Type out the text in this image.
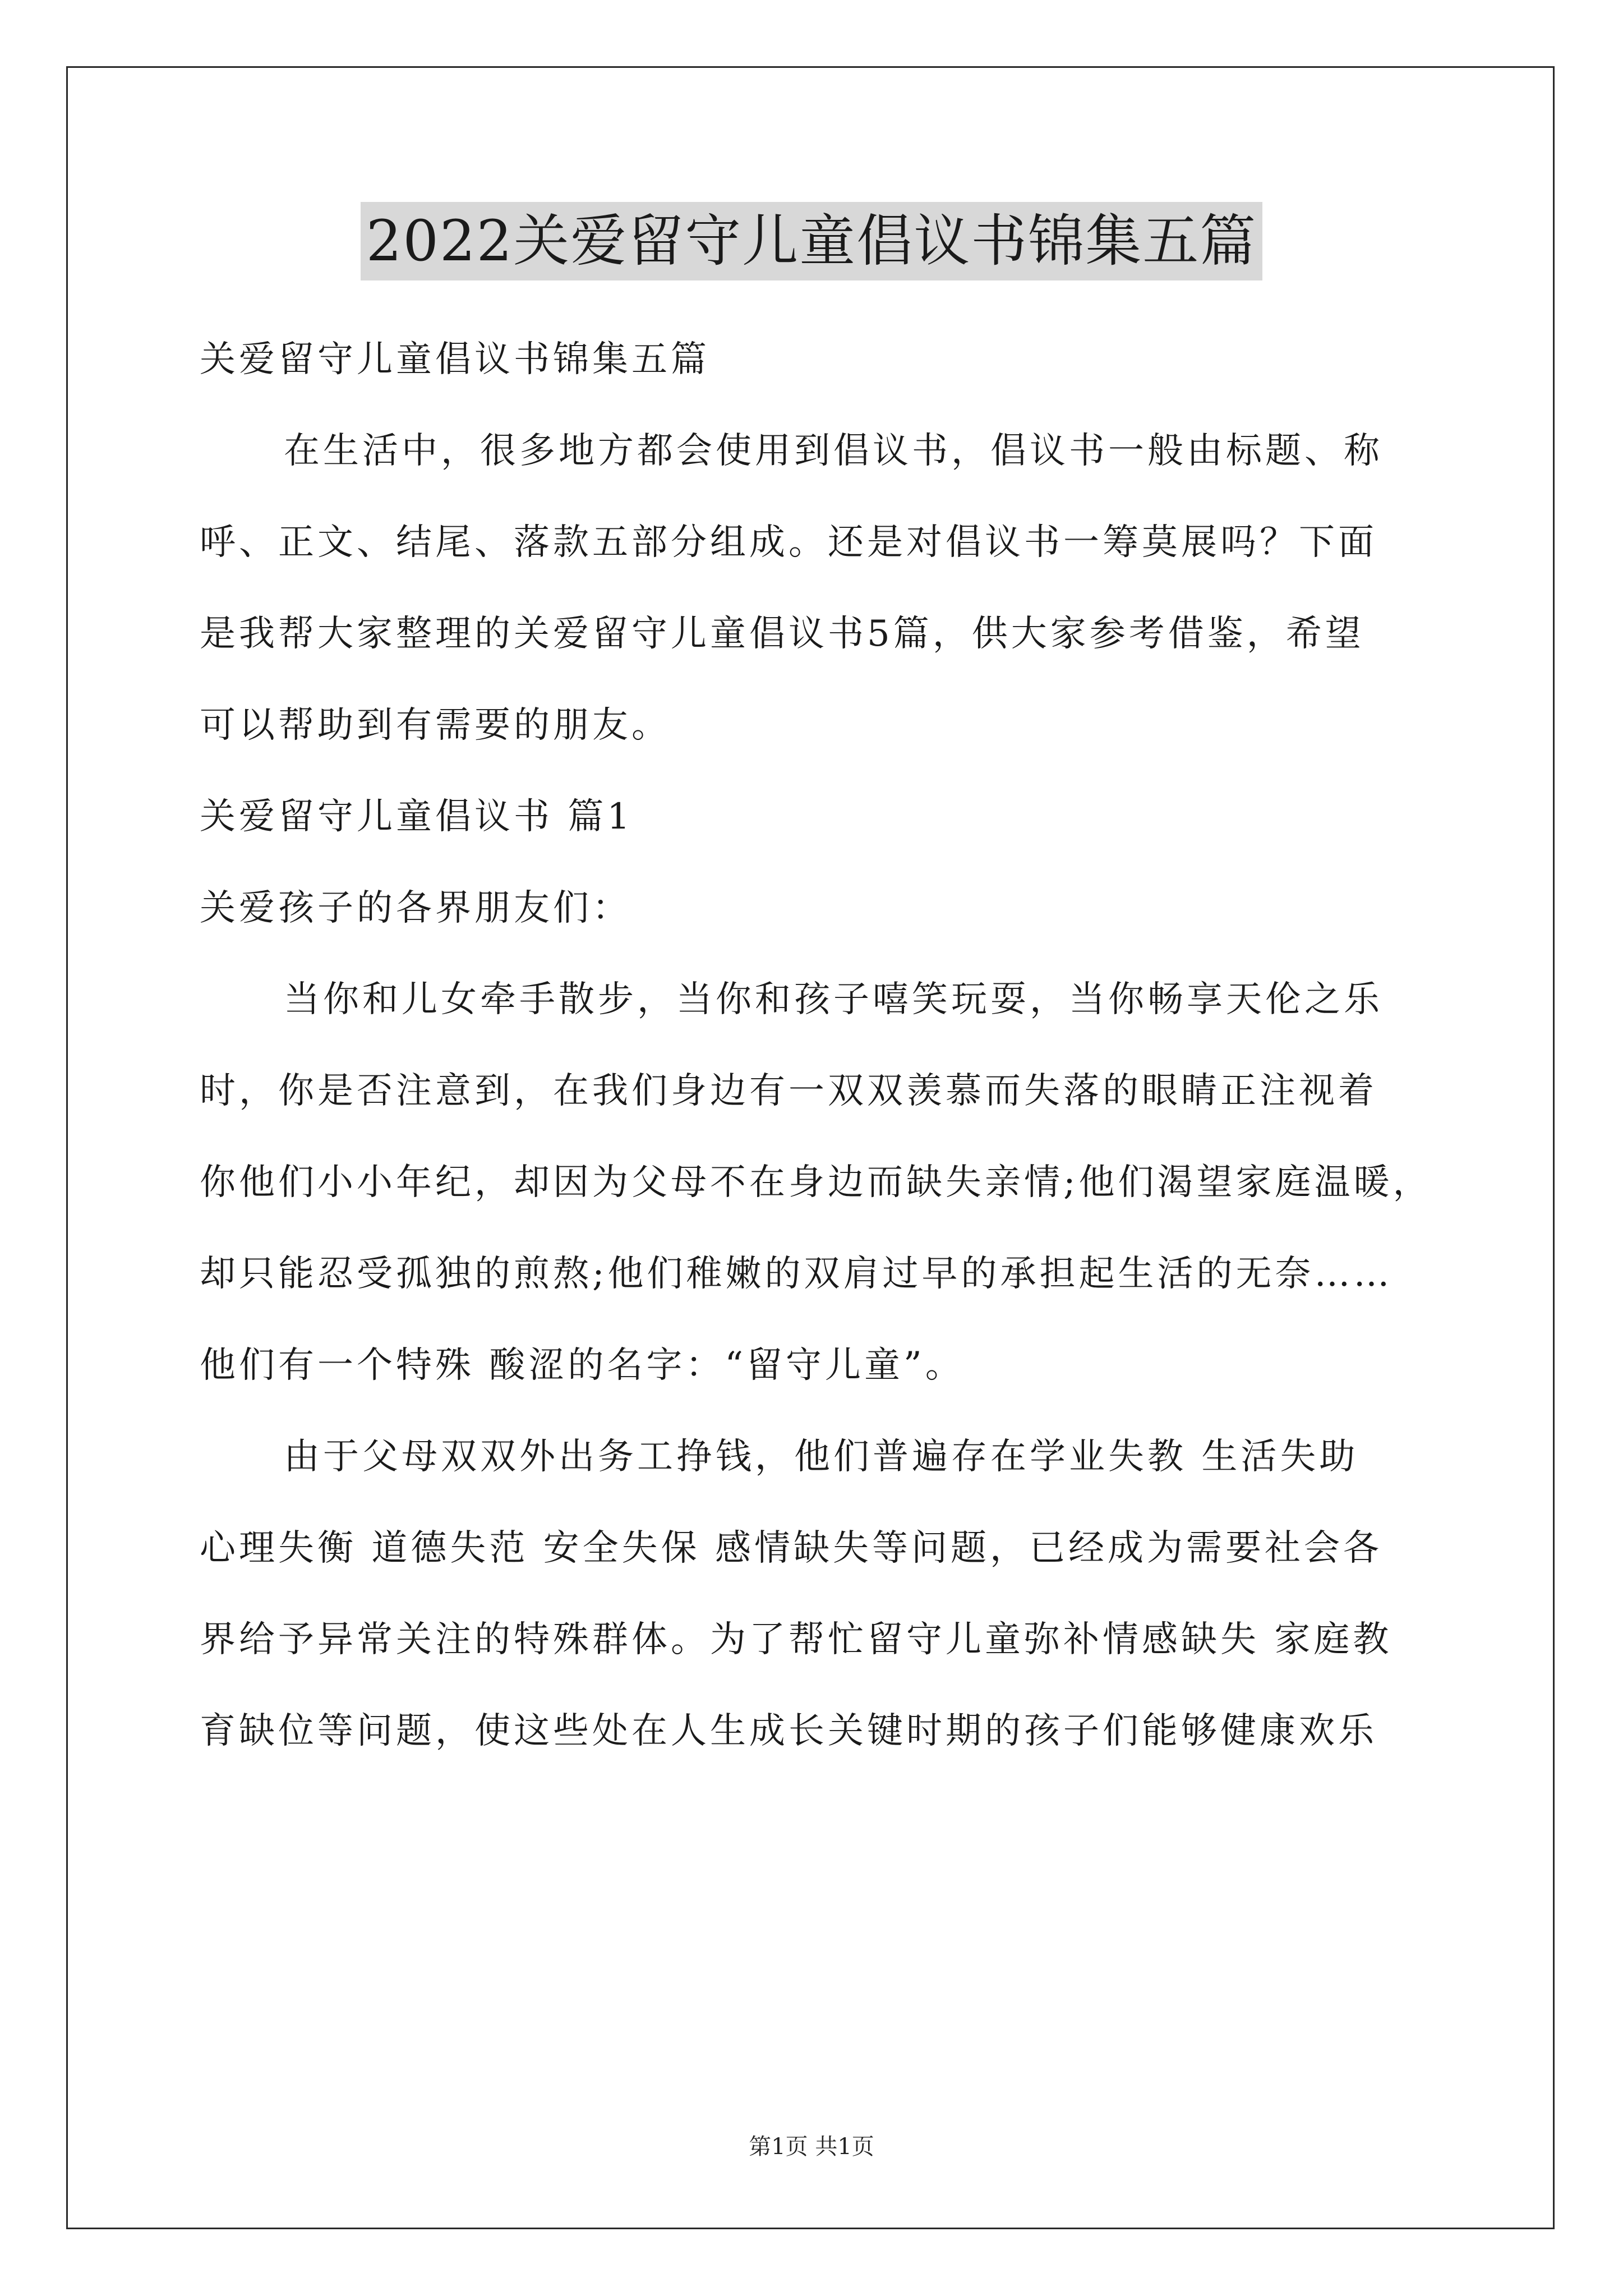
2022关爱留守儿童倡议书锦集五篇
关爱留守儿童倡议书锦集五篇
在生活中，很多地方都会使用到倡议书，倡议书一般由标题、称
呼、正文、结尾、落款五部分组成。还是对倡议书一筹莫展吗？下面
是我帮大家整理的关爱留守儿童倡议书5篇，供大家参考借鉴，希望
可以帮助到有需要的朋友。
关爱留守儿童倡议书 篇1
关爱孩子的各界朋友们：
当你和儿女牵手散步，当你和孩子嘻笑玩耍，当你畅享天伦之乐
时，你是否注意到，在我们身边有一双双羡慕而失落的眼睛正注视着
你他们小小年纪，却因为父母不在身边而缺失亲情;他们渴望家庭温暖，
却只能忍受孤独的煎熬;他们稚嫩的双肩过早的承担起生活的无奈……
他们有一个特殊 酸涩的名字：“留守儿童”。
由于父母双双外出务工挣钱，他们普遍存在学业失教 生活失助
心理失衡 道德失范 安全失保 感情缺失等问题，已经成为需要社会各
界给予异常关注的特殊群体。为了帮忙留守儿童弥补情感缺失 家庭教
育缺位等问题，使这些处在人生成长关键时期的孩子们能够健康欢乐
第1页 共1页
